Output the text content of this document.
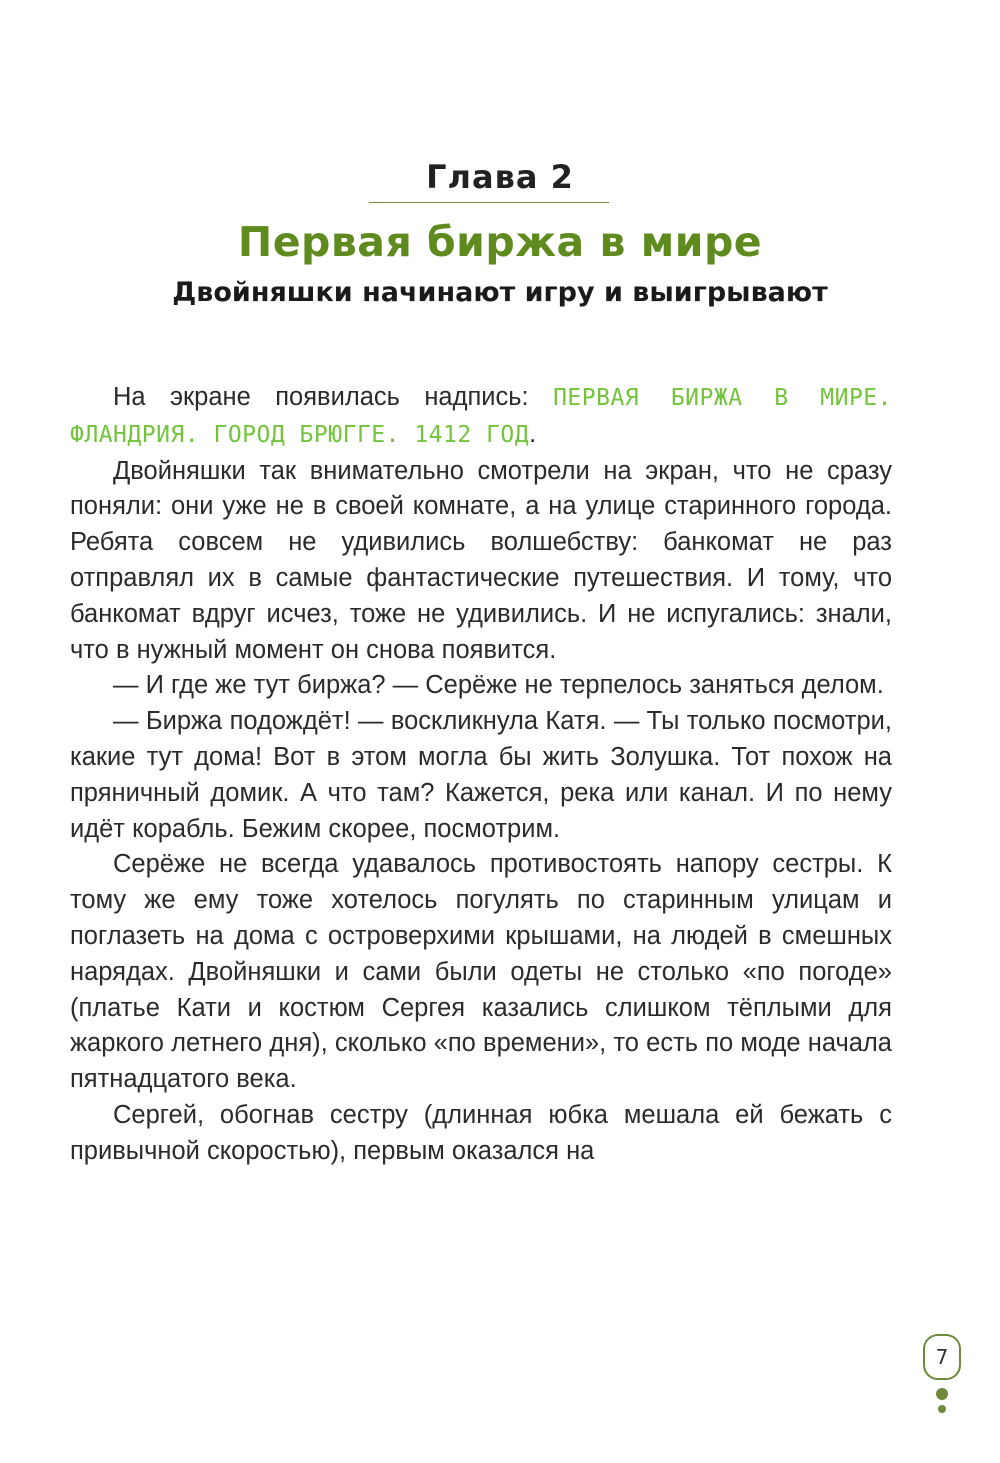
Глава 2
Первая биржа в мире
Двойняшки начинают игру и выигрывают

На экране появилась надпись: ПЕРВАЯ БИРЖА В МИРЕ. ФЛАНДРИЯ. ГОРОД БРЮГГЕ. 1412 ГОД.

Двойняшки так внимательно смотрели на экран, что не сразу поняли: они уже не в своей комнате, а на улице старинного города. Ребята совсем не удивились волшебству: банкомат не раз отправлял их в самые фантастические путешествия. И тому, что банкомат вдруг исчез, тоже не удивились. И не испугались: знали, что в нужный момент он снова появится.

— И где же тут биржа? — Серёже не терпелось заняться делом.

— Биржа подождёт! — воскликнула Катя. — Ты только посмотри, какие тут дома! Вот в этом могла бы жить Золушка. Тот похож на пряничный домик. А что там? Кажется, река или канал. И по нему идёт корабль. Бежим скорее, посмотрим.

Серёже не всегда удавалось противостоять напору сестры. К тому же ему тоже хотелось погулять по старинным улицам и поглазеть на дома с островерхими крышами, на людей в смешных нарядах. Двойняшки и сами были одеты не столько «по погоде» (платье Кати и костюм Сергея казались слишком тёплыми для жаркого летнего дня), сколько «по времени», то есть по моде начала пятнадцатого века.

Сергей, обогнав сестру (длинная юбка мешала ей бежать с привычной скоростью), первым оказался на

7
